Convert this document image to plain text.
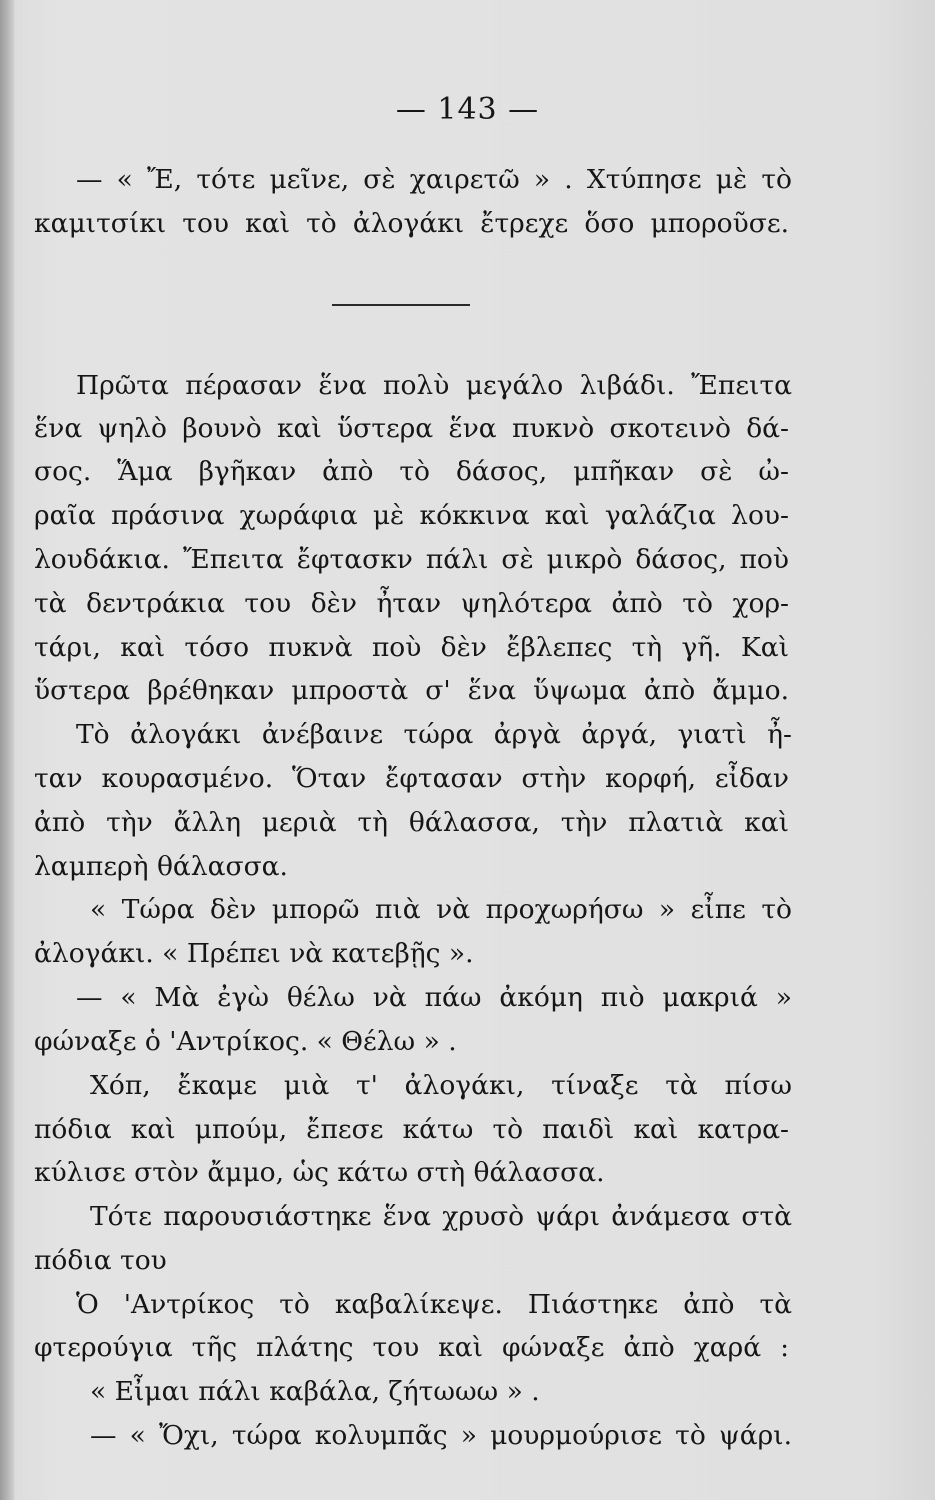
— 143 —
— « Ἔ, τότε μεῖνε, σὲ χαιρετῶ » . Χτύπησε μὲ τὸ
καμιτσίκι του καὶ τὸ ἀλογάκι ἔτρεχε ὅσο μποροῦσε.
Πρῶτα πέρασαν ἕνα πολὺ μεγάλο λιβάδι. Ἔπειτα
ἕνα ψηλὸ βουνὸ καὶ ὕστερα ἕνα πυκνὸ σκοτεινὸ δά-
σος. Ἅμα βγῆκαν ἀπὸ τὸ δάσος, μπῆκαν σὲ ὠ-
ραῖα πράσινα χωράφια μὲ κόκκινα καὶ γαλάζια λου-
λουδάκια. Ἔπειτα ἔφτασκν πάλι σὲ μικρὸ δάσος, ποὺ
τὰ δεντράκια του δὲν ἦταν ψηλότερα ἀπὸ τὸ χορ-
τάρι, καὶ τόσο πυκνὰ ποὺ δὲν ἔβλεπες τὴ γῆ. Καὶ
ὕστερα βρέθηκαν μπροστὰ σ' ἕνα ὕψωμα ἀπὸ ἄμμο.
Τὸ ἀλογάκι ἀνέβαινε τώρα ἀργὰ ἀργά, γιατὶ ἦ-
ταν κουρασμένο. Ὅταν ἔφτασαν στὴν κορφή, εἶδαν
ἀπὸ τὴν ἄλλη μεριὰ τὴ θάλασσα, τὴν πλατιὰ καὶ
λαμπερὴ θάλασσα.
« Τώρα δὲν μπορῶ πιὰ νὰ προχωρήσω » εἶπε τὸ
ἀλογάκι. « Πρέπει νὰ κατεβῇς ».
— « Μὰ ἐγὼ θέλω νὰ πάω ἀκόμη πιὸ μακριά »
φώναξε ὁ 'Αντρίκος. « Θέλω » .
Χόπ, ἔκαμε μιὰ τ' ἀλογάκι, τίναξε τὰ πίσω
πόδια καὶ μπούμ, ἔπεσε κάτω τὸ παιδὶ καὶ κατρα-
κύλισε στὸν ἄμμο, ὡς κάτω στὴ θάλασσα.
Τότε παρουσιάστηκε ἕνα χρυσὸ ψάρι ἀνάμεσα στὰ
πόδια του
Ὁ 'Αντρίκος τὸ καβαλίκεψε. Πιάστηκε ἀπὸ τὰ
φτερούγια τῆς πλάτης του καὶ φώναξε ἀπὸ χαρά :
« Εἶμαι πάλι καβάλα, ζήτωωω » .
— « Ὄχι, τώρα κολυμπᾶς » μουρμούρισε τὸ ψάρι.
